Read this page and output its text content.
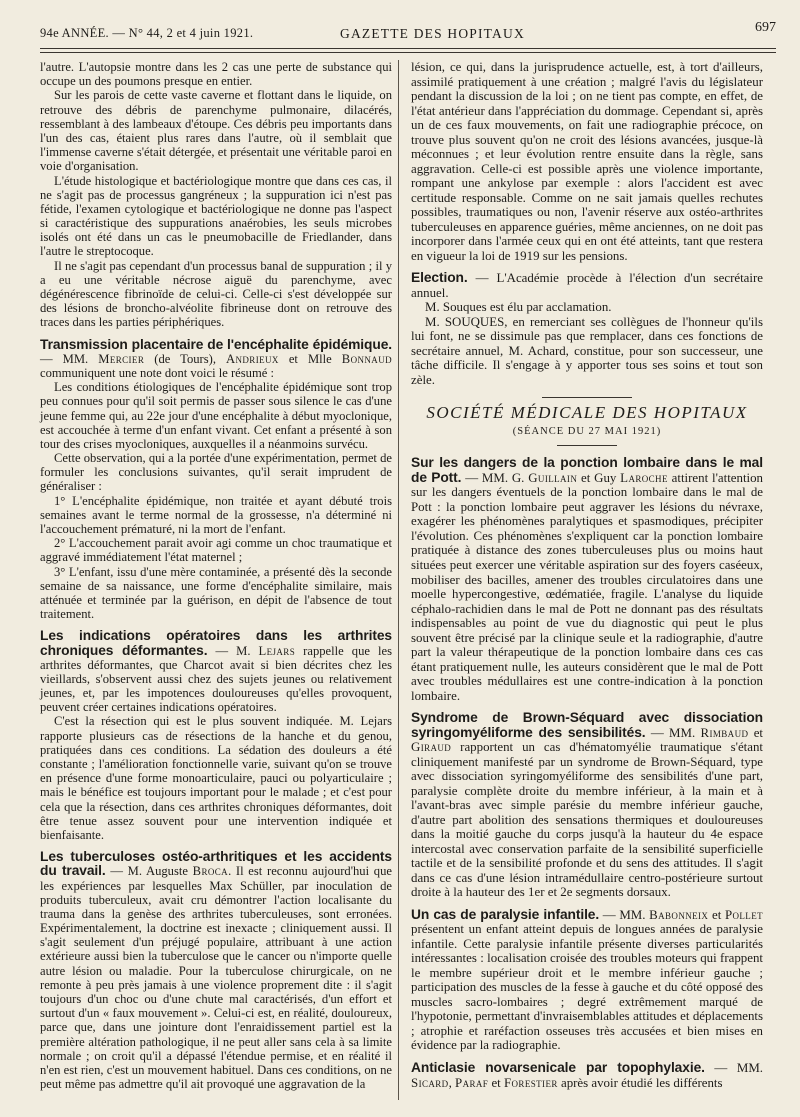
94e ANNÉE. — N° 44, 2 et 4 juin 1921.	GAZETTE DES HOPITAUX	697

l'autre. L'autopsie montre dans les 2 cas une perte de substance qui occupe un des poumons presque en entier.

Sur les parois de cette vaste caverne et flottant dans le liquide, on retrouve des débris de parenchyme pulmonaire, dilacérés, ressemblant à des lambeaux d'étoupe. Ces débris peu importants dans l'un des cas, étaient plus rares dans l'autre, où il semblait que l'immense caverne s'était détergée, et présentait une véritable paroi en voie d'organisation.

L'étude histologique et bactériologique montre que dans ces cas, il ne s'agit pas de processus gangréneux ; la suppuration ici n'est pas fétide, l'examen cytologique et bactériologique ne donne pas l'aspect si caractéristique des suppurations anaérobies, les seuls microbes isolés ont été dans un cas le pneumobacille de Friedlander, dans l'autre le streptocoque.

Il ne s'agit pas cependant d'un processus banal de suppuration ; il y a eu une véritable nécrose aiguë du parenchyme, avec dégénérescence fibrinoïde de celui-ci. Celle-ci s'est développée sur des lésions de broncho-alvéolite fibrineuse dont on retrouve des traces dans les parties périphériques.

Transmission placentaire de l'encéphalite épidémique. — MM. Mercier (de Tours), Andrieux et Mlle Bonnaud communiquent une note dont voici le résumé :

Les conditions étiologiques de l'encéphalite épidémique sont trop peu connues pour qu'il soit permis de passer sous silence le cas d'une jeune femme qui, au 22e jour d'une encéphalite à début myoclonique, est accouchée à terme d'un enfant vivant. Cet enfant a présenté à son tour des crises myocloniques, auxquelles il a néanmoins survécu.

Cette observation, qui a la portée d'une expérimentation, permet de formuler les conclusions suivantes, qu'il serait imprudent de généraliser :

1° L'encéphalite épidémique, non traitée et ayant débuté trois semaines avant le terme normal de la grossesse, n'a déterminé ni l'accouchement prématuré, ni la mort de l'enfant.

2° L'accouchement parait avoir agi comme un choc traumatique et aggravé immédiatement l'état maternel ;

3° L'enfant, issu d'une mère contaminée, a présenté dès la seconde semaine de sa naissance, une forme d'encéphalite similaire, mais atténuée et terminée par la guérison, en dépit de l'absence de tout traitement.

Les indications opératoires dans les arthrites chroniques déformantes. — M. Lejars rappelle que les arthrites déformantes, que Charcot avait si bien décrites chez les vieillards, s'observent aussi chez des sujets jeunes ou relativement jeunes, et, par les impotences douloureuses qu'elles provoquent, peuvent créer certaines indications opératoires.

C'est la résection qui est le plus souvent indiquée. M. Lejars rapporte plusieurs cas de résections de la hanche et du genou, pratiquées dans ces conditions. La sédation des douleurs a été constante ; l'amélioration fonctionnelle varie, suivant qu'on se trouve en présence d'une forme monoarticulaire, pauci ou polyarticulaire ; mais le bénéfice est toujours important pour le malade ; et c'est pour cela que la résection, dans ces arthrites chroniques déformantes, doit être tenue assez souvent pour une intervention indiquée et bienfaisante.

Les tuberculoses ostéo-arthritiques et les accidents du travail. — M. Auguste Broca. Il est reconnu aujourd'hui que les expériences par lesquelles Max Schüller, par inoculation de produits tuberculeux, avait cru démontrer l'action localisante du trauma dans la genèse des arthrites tuberculeuses, sont erronées. Expérimentalement, la doctrine est inexacte ; cliniquement aussi. Il s'agit seulement d'un préjugé populaire, attribuant à une action extérieure aussi bien la tuberculose que le cancer ou n'importe quelle autre lésion ou maladie. Pour la tuberculose chirurgicale, on ne remonte à peu près jamais à une violence proprement dite : il s'agit toujours d'un choc ou d'une chute mal caractérisés, d'un effort et surtout d'un « faux mouvement ». Celui-ci est, en réalité, douloureux, parce que, dans une jointure dont l'enraidissement partiel est la première altération pathologique, il ne peut aller sans cela à sa limite normale ; on croit qu'il a dépassé l'étendue permise, et en réalité il n'en est rien, c'est un mouvement habituel. Dans ces conditions, on ne peut même pas admettre qu'il ait provoqué une aggravation de la

lésion, ce qui, dans la jurisprudence actuelle, est, à tort d'ailleurs, assimilé pratiquement à une création ; malgré l'avis du législateur pendant la discussion de la loi ; on ne tient pas compte, en effet, de l'état antérieur dans l'appréciation du dommage. Cependant si, après un de ces faux mouvements, on fait une radiographie précoce, on trouve plus souvent qu'on ne croit des lésions avancées, jusque-là méconnues ; et leur évolution rentre ensuite dans la règle, sans aggravation. Celle-ci est possible après une violence importante, rompant une ankylose par exemple : alors l'accident est avec certitude responsable. Comme on ne sait jamais quelles rechutes possibles, traumatiques ou non, l'avenir réserve aux ostéo-arthrites tuberculeuses en apparence guéries, même anciennes, on ne doit pas incorporer dans l'armée ceux qui en ont été atteints, tant que restera en vigueur la loi de 1919 sur les pensions.

Election. — L'Académie procède à l'élection d'un secrétaire annuel.

M. Souques est élu par acclamation.

M. SOUQUES, en remerciant ses collègues de l'honneur qu'ils lui font, ne se dissimule pas que remplacer, dans ces fonctions de secrétaire annuel, M. Achard, constitue, pour son successeur, une tâche difficile. Il s'engage à y apporter tous ses soins et tout son zèle.

SOCIÉTÉ MÉDICALE DES HOPITAUX

(SÉANCE DU 27 MAI 1921)

Sur les dangers de la ponction lombaire dans le mal de Pott. — MM. G. Guillain et Guy Laroche attirent l'attention sur les dangers éventuels de la ponction lombaire dans le mal de Pott : la ponction lombaire peut aggraver les lésions du névraxe, exagérer les phénomènes paralytiques et spasmodiques, précipiter l'évolution. Ces phénomènes s'expliquent car la ponction lombaire pratiquée à distance des zones tuberculeuses plus ou moins haut situées peut exercer une véritable aspiration sur des foyers caséeux, mobiliser des bacilles, amener des troubles circulatoires dans une moelle hypercongestive, œdématiée, fragile. L'analyse du liquide céphalo-rachidien dans le mal de Pott ne donnant pas des résultats indispensables au point de vue du diagnostic qui peut le plus souvent être précisé par la clinique seule et la radiographie, d'autre part la valeur thérapeutique de la ponction lombaire dans ces cas étant pratiquement nulle, les auteurs considèrent que le mal de Pott avec troubles médullaires est une contre-indication à la ponction lombaire.

Syndrome de Brown-Séquard avec dissociation syringomyéliforme des sensibilités. — MM. Rimbaud et Giraud rapportent un cas d'hématomyélie traumatique s'étant cliniquement manifesté par un syndrome de Brown-Séquard, type avec dissociation syringomyéliforme des sensibilités d'une part, paralysie complète droite du membre inférieur, à la main et à l'avant-bras avec simple parésie du membre inférieur gauche, d'autre part abolition des sensations thermiques et douloureuses dans la moitié gauche du corps jusqu'à la hauteur du 4e espace intercostal avec conservation parfaite de la sensibilité superficielle tactile et de la sensibilité profonde et du sens des attitudes. Il s'agit dans ce cas d'une lésion intramédullaire centro-postérieure surtout droite à la hauteur des 1er et 2e segments dorsaux.

Un cas de paralysie infantile. — MM. Babonneix et Pollet présentent un enfant atteint depuis de longues années de paralysie infantile. Cette paralysie infantile présente diverses particularités intéressantes : localisation croisée des troubles moteurs qui frappent le membre supérieur droit et le membre inférieur gauche ; participation des muscles de la fesse à gauche et du côté opposé des muscles sacro-lombaires ; degré extrêmement marqué de l'hypotonie, permettant d'invraisemblables attitudes et déplacements ; atrophie et raréfaction osseuses très accusées et bien mises en évidence par la radiographie.

Anticlasie novarsenicale par topophylaxie. — MM. Sicard, Paraf et Forestier après avoir étudié les différents
